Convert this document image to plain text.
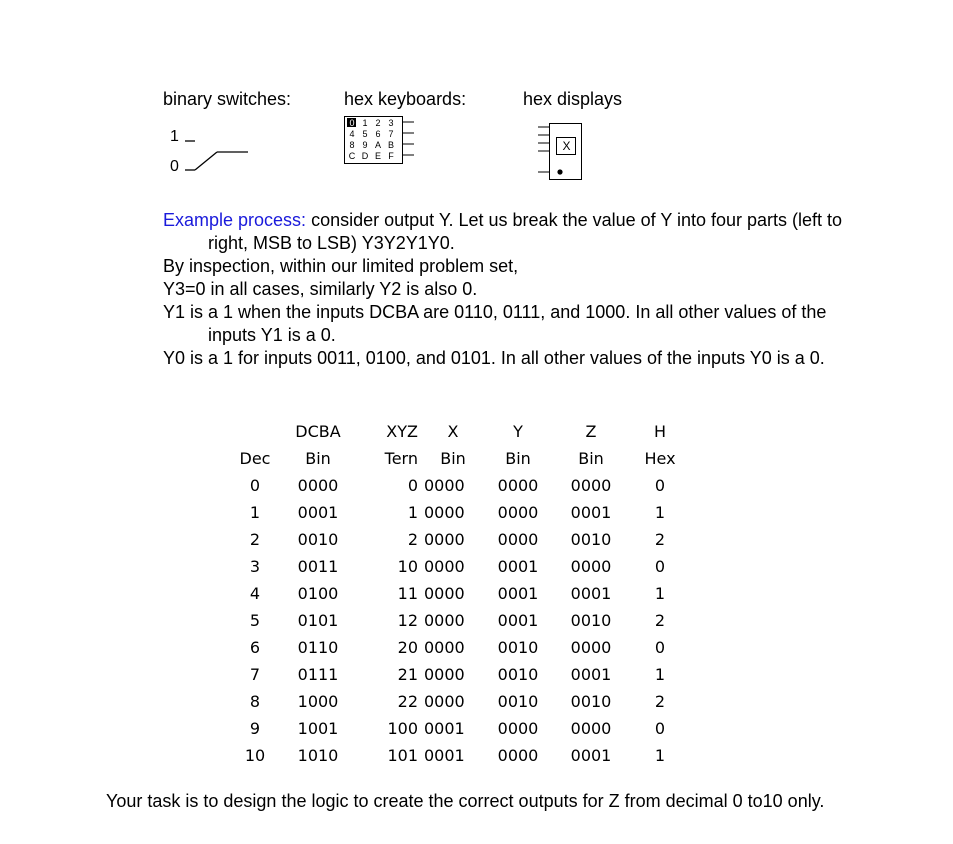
binary switches:	hex keyboards:	hex displays
1
0
0 1 2 3
4 5 6 7
8 9 A B
C D E F
X

Example process: consider output Y. Let us break the value of Y into four parts (left to right, MSB to LSB) Y3Y2Y1Y0.

By inspection, within our limited problem set,

Y3=0 in all cases, similarly Y2 is also 0.

Y1 is a 1 when the inputs DCBA are 0110, 0111, and 1000. In all other values of the inputs Y1 is a 0.

Y0 is a 1 for inputs 0011, 0100, and 0101. In all other values of the inputs Y0 is a 0.

	DCBA	XYZ	X	Y	Z	H
Dec	Bin	Tern	Bin	Bin	Bin	Hex
0	0000	0	0000	0000	0000	0
1	0001	1	0000	0000	0001	1
2	0010	2	0000	0000	0010	2
3	0011	10	0000	0001	0000	0
4	0100	11	0000	0001	0001	1
5	0101	12	0000	0001	0010	2
6	0110	20	0000	0010	0000	0
7	0111	21	0000	0010	0001	1
8	1000	22	0000	0010	0010	2
9	1001	100	0001	0000	0000	0
10	1010	101	0001	0000	0001	1
Your task is to design the logic to create the correct outputs for Z from decimal 0 to10 only.
